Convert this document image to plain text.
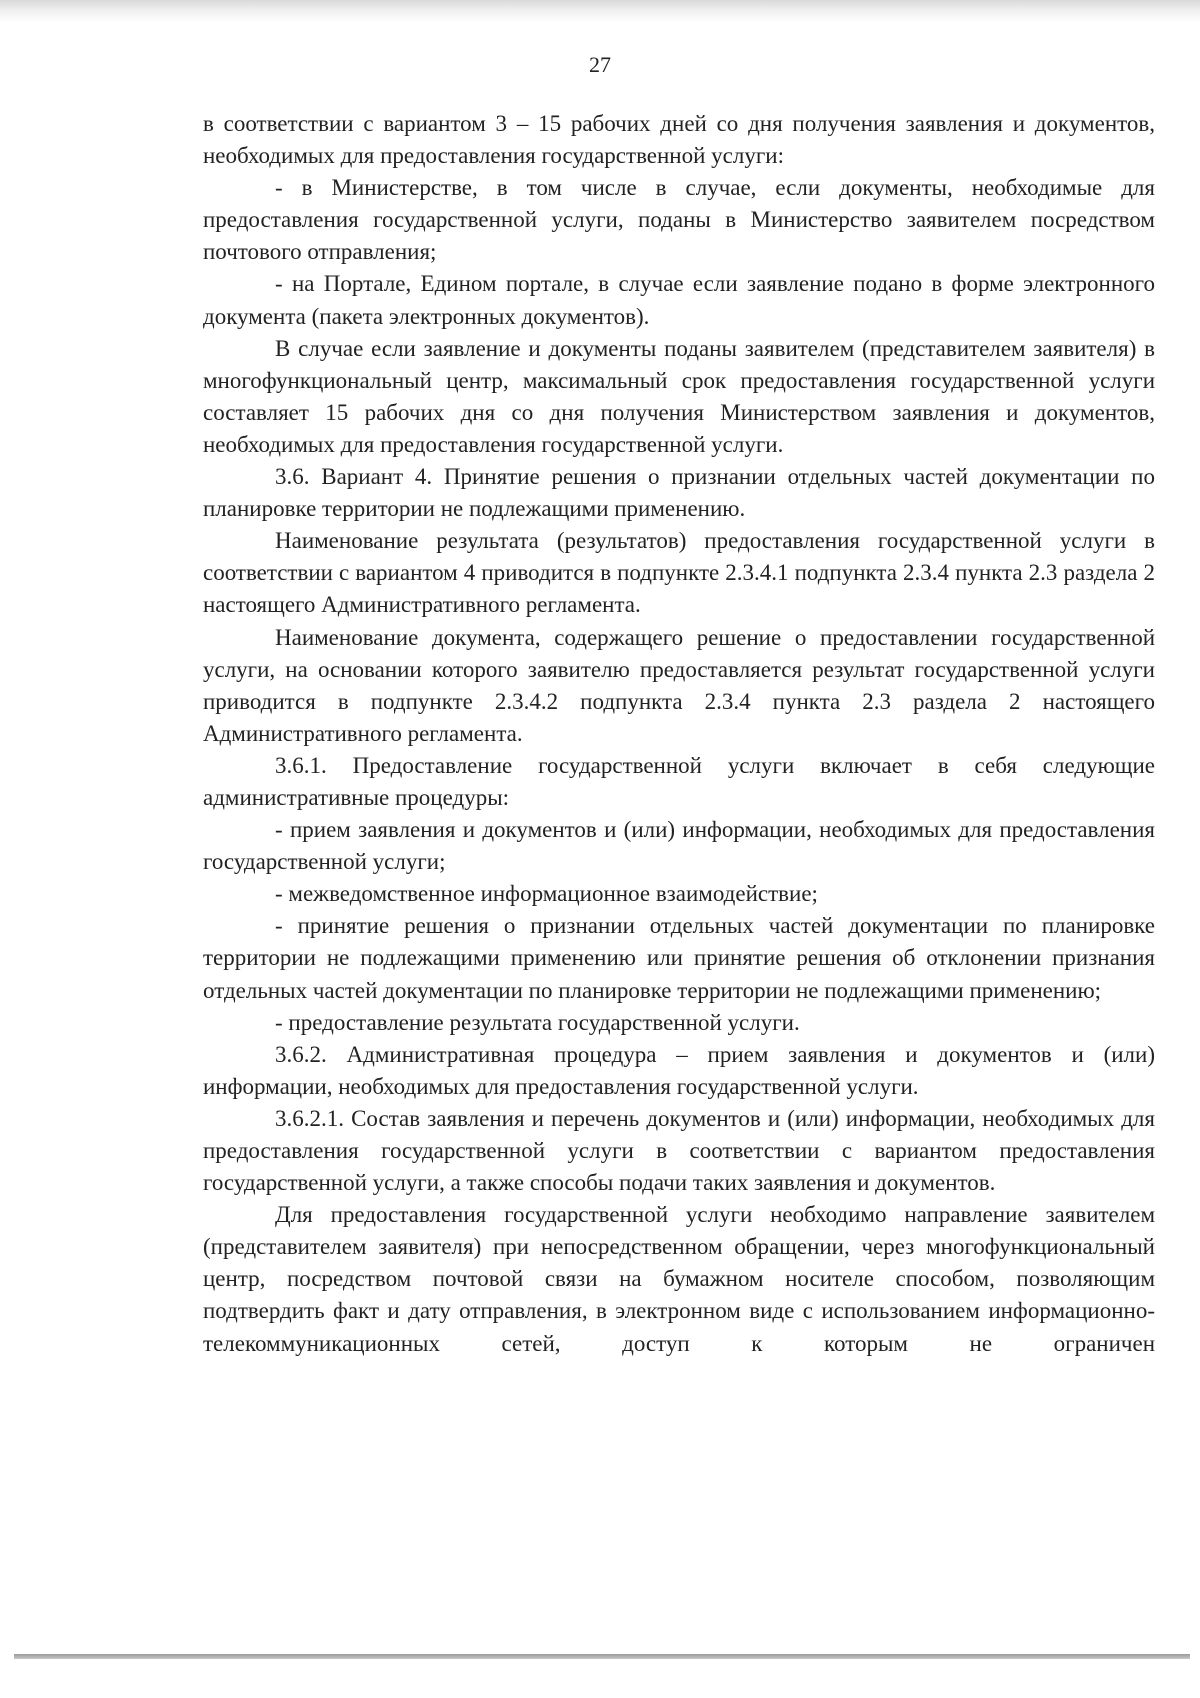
27

в соответствии с вариантом 3 – 15 рабочих дней со дня получения заявления и документов, необходимых для предоставления государственной услуги:

- в Министерстве, в том числе в случае, если документы, необходимые для предоставления государственной услуги, поданы в Министерство заявителем посредством почтового отправления;

- на Портале, Едином портале, в случае если заявление подано в форме электронного документа (пакета электронных документов).

В случае если заявление и документы поданы заявителем (представителем заявителя) в многофункциональный центр, максимальный срок предоставления государственной услуги составляет 15 рабочих дня со дня получения Министерством заявления и документов, необходимых для предоставления государственной услуги.

3.6. Вариант 4. Принятие решения о признании отдельных частей документации по планировке территории не подлежащими применению.

Наименование результата (результатов) предоставления государственной услуги в соответствии с вариантом 4 приводится в подпункте 2.3.4.1 подпункта 2.3.4 пункта 2.3 раздела 2 настоящего Административного регламента.

Наименование документа, содержащего решение о предоставлении государственной услуги, на основании которого заявителю предоставляется результат государственной услуги приводится в подпункте 2.3.4.2 подпункта 2.3.4 пункта 2.3 раздела 2 настоящего Административного регламента.

3.6.1. Предоставление государственной услуги включает в себя следующие административные процедуры:

- прием заявления и документов и (или) информации, необходимых для предоставления государственной услуги;

- межведомственное информационное взаимодействие;

- принятие решения о признании отдельных частей документации по планировке территории не подлежащими применению или принятие решения об отклонении признания отдельных частей документации по планировке территории не подлежащими применению;

- предоставление результата государственной услуги.

3.6.2. Административная процедура – прием заявления и документов и (или) информации, необходимых для предоставления государственной услуги.

3.6.2.1. Состав заявления и перечень документов и (или) информации, необходимых для предоставления государственной услуги в соответствии с вариантом предоставления государственной услуги, а также способы подачи таких заявления и документов.

Для предоставления государственной услуги необходимо направление заявителем (представителем заявителя) при непосредственном обращении, через многофункциональный центр, посредством почтовой связи на бумажном носителе способом, позволяющим подтвердить факт и дату отправления, в электронном виде с использованием информационно-телекоммуникационных сетей, доступ к которым не ограничен
